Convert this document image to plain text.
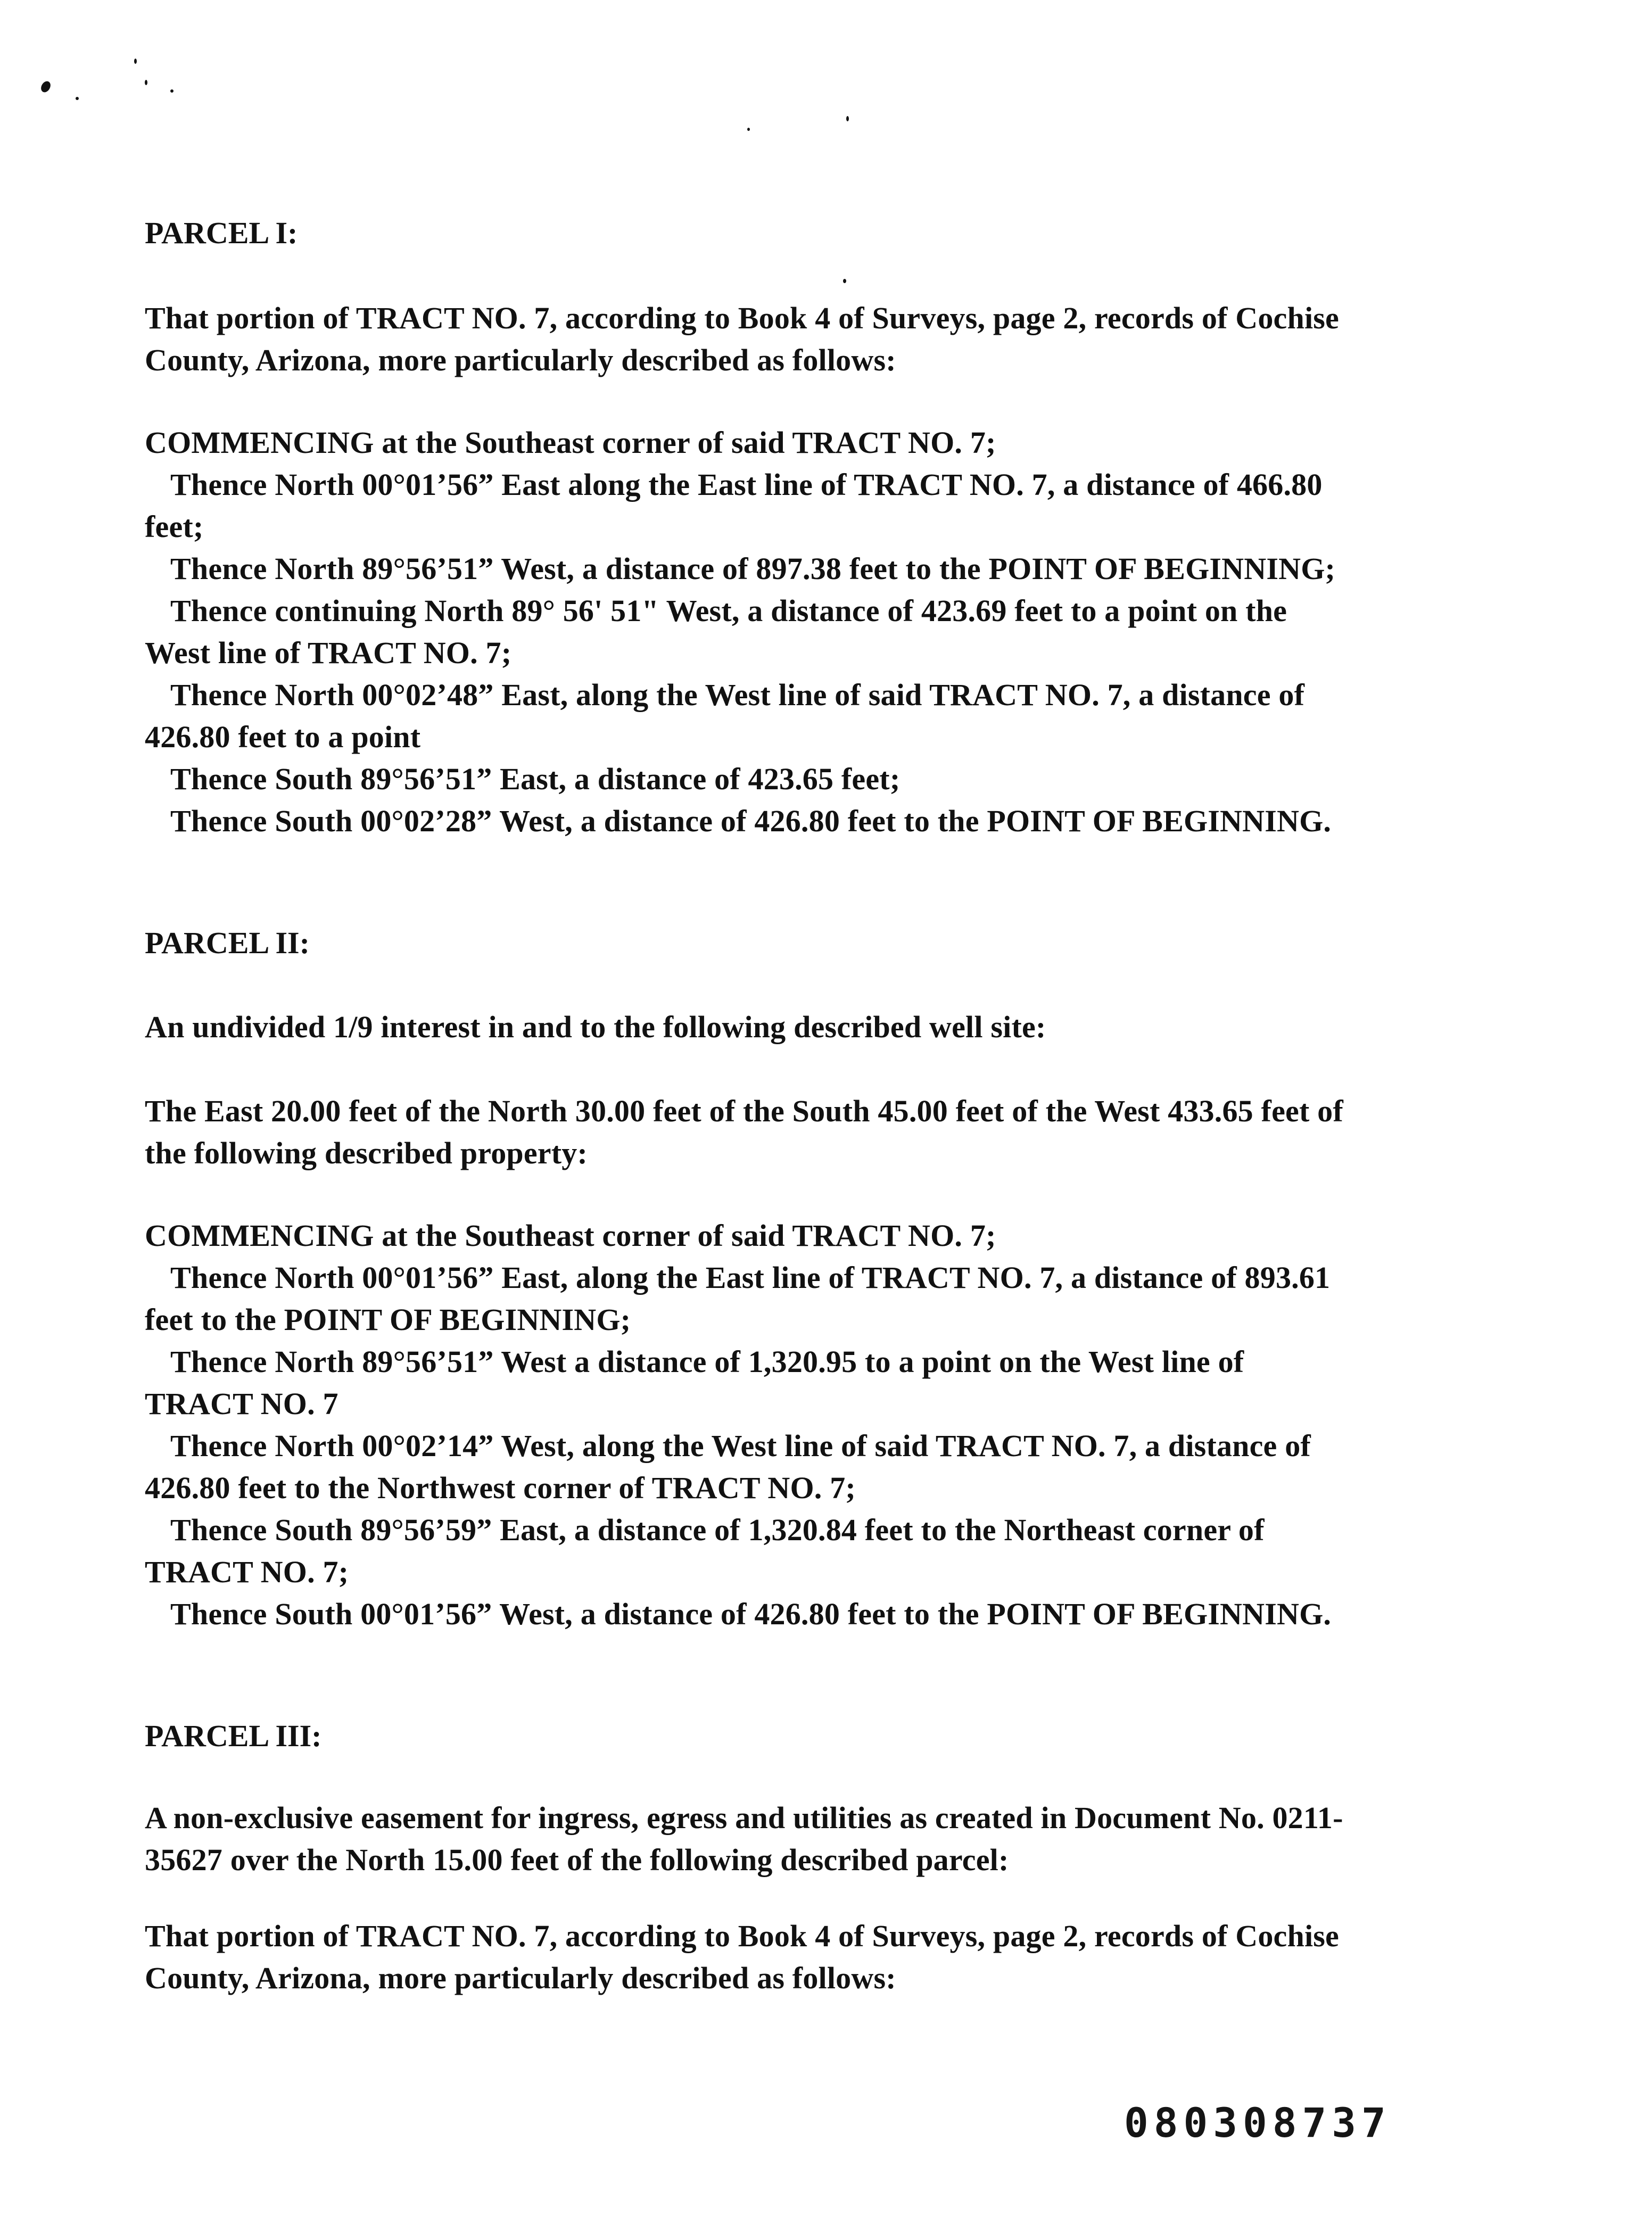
PARCEL I:
That portion of TRACT NO. 7, according to Book 4 of Surveys, page 2, records of Cochise
County, Arizona, more particularly described as follows:
COMMENCING at the Southeast corner of said TRACT NO. 7;
Thence North 00°01’56” East along the East line of TRACT NO. 7, a distance of 466.80
feet;
Thence North 89°56’51” West, a distance of 897.38 feet to the POINT OF BEGINNING;
Thence continuing North 89° 56' 51" West, a distance of 423.69 feet to a point on the
West line of TRACT NO. 7;
Thence North 00°02’48” East, along the West line of said TRACT NO. 7, a distance of
426.80 feet to a point
Thence South 89°56’51” East, a distance of 423.65 feet;
Thence South 00°02’28” West, a distance of 426.80 feet to the POINT OF BEGINNING.
PARCEL II:
An undivided 1/9 interest in and to the following described well site:
The East 20.00 feet of the North 30.00 feet of the South 45.00 feet of the West 433.65 feet of
the following described property:
COMMENCING at the Southeast corner of said TRACT NO. 7;
Thence North 00°01’56” East, along the East line of TRACT NO. 7, a distance of 893.61
feet to the POINT OF BEGINNING;
Thence North 89°56’51” West a distance of 1,320.95 to a point on the West line of
TRACT NO. 7
Thence North 00°02’14” West, along the West line of said TRACT NO. 7, a distance of
426.80 feet to the Northwest corner of TRACT NO. 7;
Thence South 89°56’59” East, a distance of 1,320.84 feet to the Northeast corner of
TRACT NO. 7;
Thence South 00°01’56” West, a distance of 426.80 feet to the POINT OF BEGINNING.
PARCEL III:
A non-exclusive easement for ingress, egress and utilities as created in Document No. 0211-
35627 over the North 15.00 feet of the following described parcel:
That portion of TRACT NO. 7, according to Book 4 of Surveys, page 2, records of Cochise
County, Arizona, more particularly described as follows:
080308737
